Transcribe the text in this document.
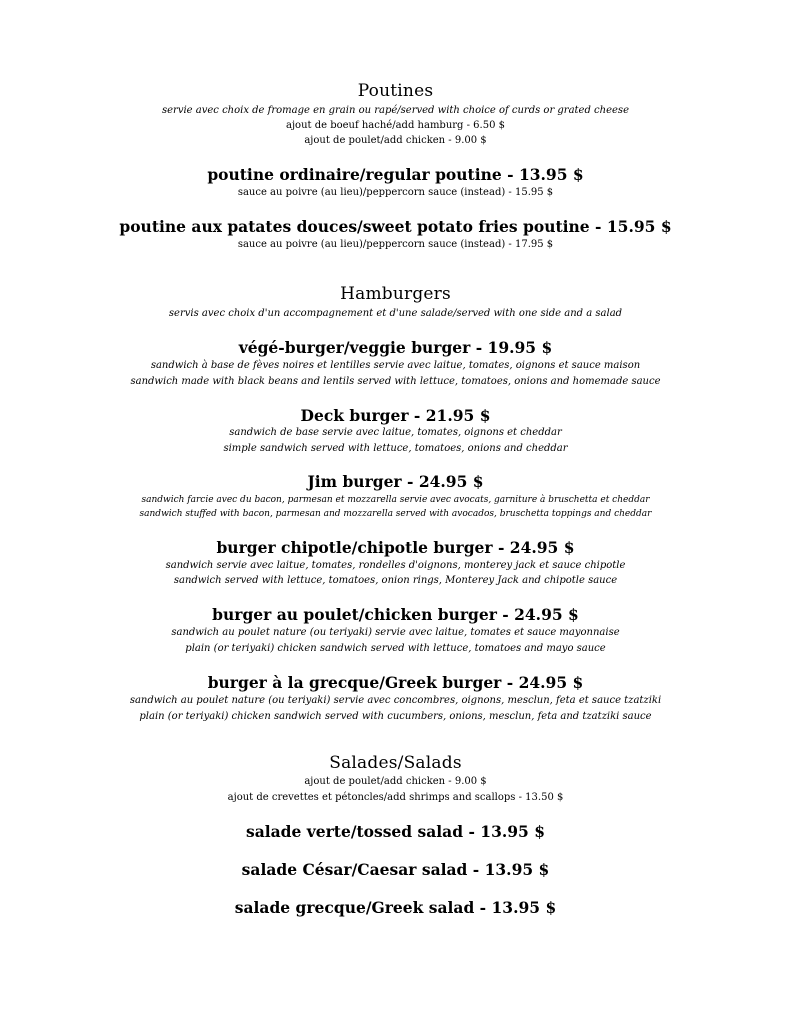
Poutines
servie avec choix de fromage en grain ou rapé/served with choice of curds or grated cheese
ajout de boeuf haché/add hamburg - 6.50 $
ajout de poulet/add chicken - 9.00 $
poutine ordinaire/regular poutine - 13.95 $
sauce au poivre (au lieu)/peppercorn sauce (instead) - 15.95 $
poutine aux patates douces/sweet potato fries poutine - 15.95 $
sauce au poivre (au lieu)/peppercorn sauce (instead) - 17.95 $
Hamburgers
servis avec choix d'un accompagnement et d'une salade/served with one side and a salad
végé-burger/veggie burger - 19.95 $
sandwich à base de fèves noires et lentilles servie avec laitue, tomates, oignons et sauce maison
sandwich made with black beans and lentils served with lettuce, tomatoes, onions and homemade sauce
Deck burger - 21.95 $
sandwich de base servie avec laitue, tomates, oignons et cheddar
simple sandwich served with lettuce, tomatoes, onions and cheddar
Jim burger - 24.95 $
sandwich farcie avec du bacon, parmesan et mozzarella servie avec avocats, garniture à bruschetta et cheddar
sandwich stuffed with bacon, parmesan and mozzarella served with avocados, bruschetta toppings and cheddar
burger chipotle/chipotle burger - 24.95 $
sandwich servie avec laitue, tomates, rondelles d'oignons, monterey jack et sauce chipotle
sandwich served with lettuce, tomatoes, onion rings, Monterey Jack and chipotle sauce
burger au poulet/chicken burger - 24.95 $
sandwich au poulet nature (ou teriyaki) servie avec laitue, tomates et sauce mayonnaise
plain (or teriyaki) chicken sandwich served with lettuce, tomatoes and mayo sauce
burger à la grecque/Greek burger - 24.95 $
sandwich au poulet nature (ou teriyaki) servie avec concombres, oignons, mesclun, feta et sauce tzatziki
plain (or teriyaki) chicken sandwich served with cucumbers, onions, mesclun, feta and tzatziki sauce
Salades/Salads
ajout de poulet/add chicken - 9.00 $
ajout de crevettes et pétoncles/add shrimps and scallops - 13.50 $
salade verte/tossed salad - 13.95 $
salade César/Caesar salad - 13.95 $
salade grecque/Greek salad - 13.95 $
